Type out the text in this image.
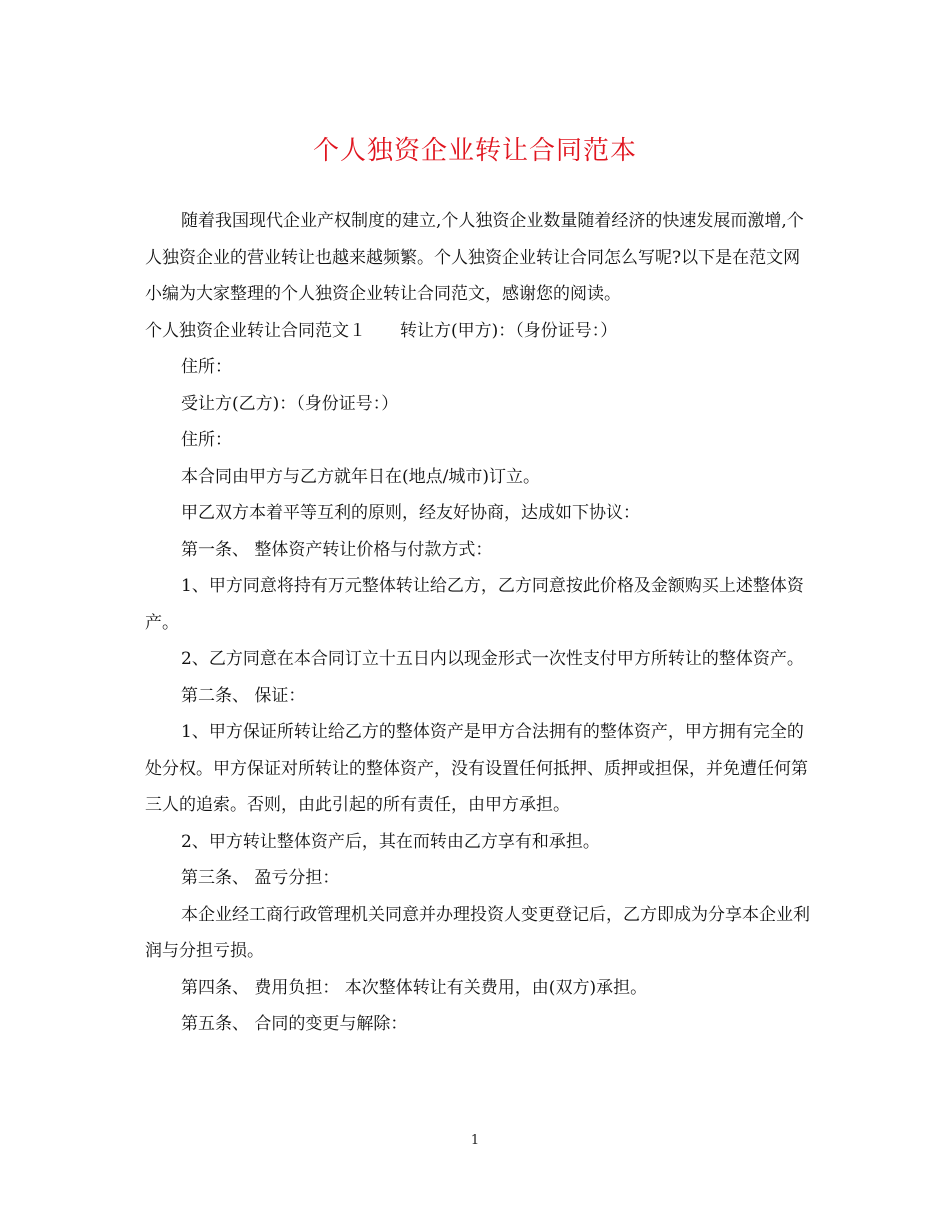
个人独资企业转让合同范本

随着我国现代企业产权制度的建立,个人独资企业数量随着经济的快速发展而激增,个人独资企业的营业转让也越来越频繁。个人独资企业转让合同怎么写呢?以下是在范文网小编为大家整理的个人独资企业转让合同范文，感谢您的阅读。

个人独资企业转让合同范文１　　转让方(甲方)：（身份证号：）

住所：

受让方(乙方)：（身份证号：）

住所：

本合同由甲方与乙方就年日在(地点/城市)订立。

甲乙双方本着平等互利的原则，经友好协商，达成如下协议：

第一条、 整体资产转让价格与付款方式：

1、甲方同意将持有万元整体转让给乙方，乙方同意按此价格及金额购买上述整体资产。

2、乙方同意在本合同订立十五日内以现金形式一次性支付甲方所转让的整体资产。

第二条、 保证：

1、甲方保证所转让给乙方的整体资产是甲方合法拥有的整体资产，甲方拥有完全的处分权。甲方保证对所转让的整体资产，没有设置任何抵押、质押或担保，并免遭任何第三人的追索。否则，由此引起的所有责任，由甲方承担。

2、甲方转让整体资产后，其在而转由乙方享有和承担。

第三条、 盈亏分担：

本企业经工商行政管理机关同意并办理投资人变更登记后，乙方即成为分享本企业利润与分担亏损。

第四条、 费用负担： 本次整体转让有关费用，由(双方)承担。

第五条、 合同的变更与解除：

1
